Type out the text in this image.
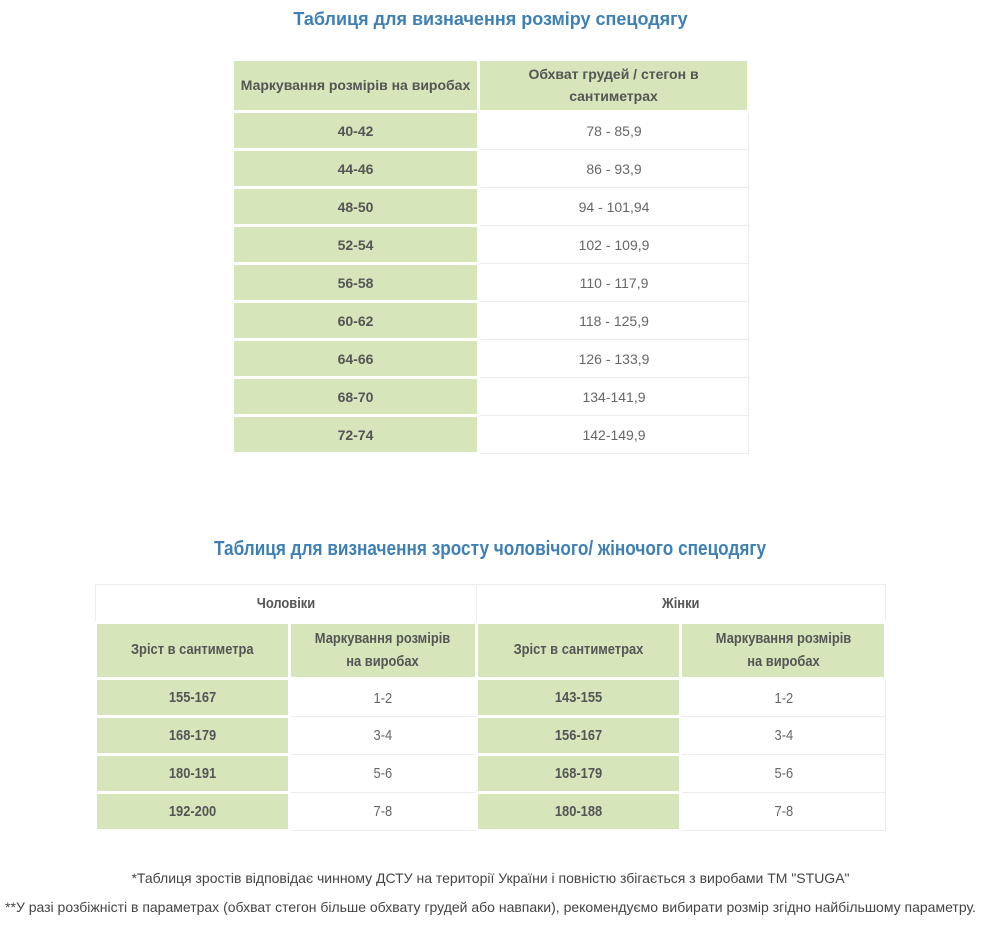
Таблиця для визначення розміру спецодягу
Маркування розмірів на виробах	Обхват грудей / стегон в сантиметрах
40-42	78 - 85,9
44-46	86 - 93,9
48-50	94 - 101,94
52-54	102 - 109,9
56-58	110 - 117,9
60-62	118 - 125,9
64-66	126 - 133,9
68-70	134-141,9
72-74	142-149,9
Таблиця для визначення зросту чоловічого/ жіночого спецодягу
Чоловіки		Жінки	
Зріст в сантиметра	Маркування розмірів на виробах	Зріст в сантиметрах	Маркування розмірів на виробах
155-167	1-2	143-155	1-2
168-179	3-4	156-167	3-4
180-191	5-6	168-179	5-6
192-200	7-8	180-188	7-8
*Таблиця зростів відповідає чинному ДСТУ на території України і повністю збігається з виробами ТМ "STUGA"
**У разі розбіжністі в параметрах (обхват стегон більше обхвату грудей або навпаки), рекомендуємо вибирати розмір згідно найбільшому параметру.
